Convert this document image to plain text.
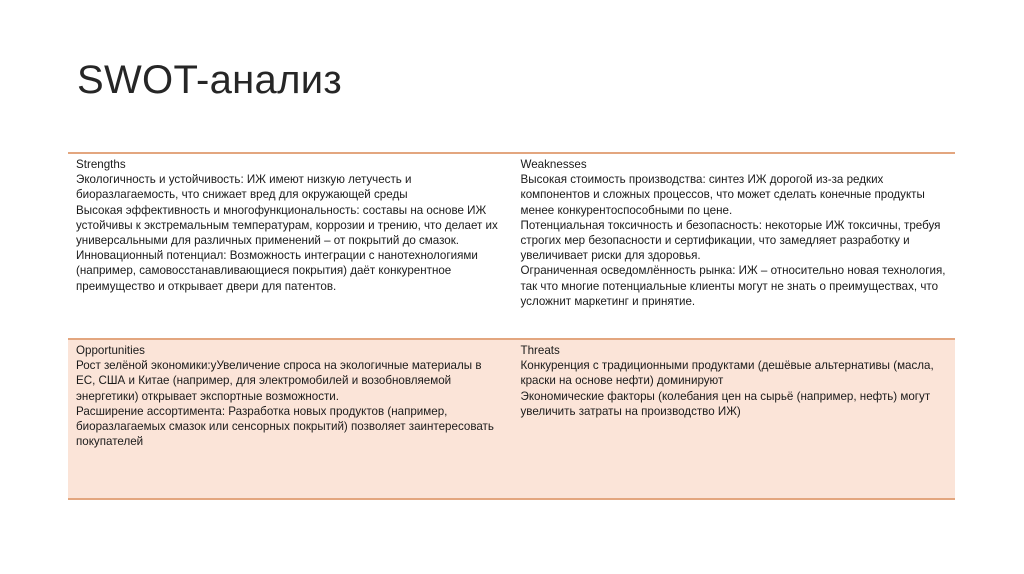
SWOT-анализ
Strengths
Экологичность и устойчивость: ИЖ имеют низкую летучесть и биоразлагаемость, что снижает вред для окружающей среды
Высокая эффективность и многофункциональность: составы на основе ИЖ устойчивы к экстремальным температурам, коррозии и трению, что делает их универсальными для различных применений – от покрытий до смазок.
Инновационный потенциал: Возможность интеграции с нанотехнологиями (например, самовосстанавливающиеся покрытия) даёт конкурентное преимущество и открывает двери для патентов.
Weaknesses
Высокая стоимость производства: синтез ИЖ дорогой из-за редких компонентов и сложных процессов, что может сделать конечные продукты менее конкурентоспособными по цене.
Потенциальная токсичность и безопасность: некоторые ИЖ токсичны, требуя строгих мер безопасности и сертификации, что замедляет разработку и увеличивает риски для здоровья.
Ограниченная осведомлённость рынка: ИЖ – относительно новая технология, так что многие потенциальные клиенты могут не знать о преимуществах, что усложнит маркетинг и принятие.
Opportunities
Рост зелёной экономики:уУвеличение спроса на экологичные материалы в ЕС, США и Китае (например, для электромобилей и возобновляемой энергетики) открывает экспортные возможности.
Расширение ассортимента: Разработка новых продуктов (например, биоразлагаемых смазок или сенсорных покрытий) позволяет заинтересовать покупателей
Threats
Конкуренция с традиционными продуктами (дешёвые альтернативы (масла, краски на основе нефти) доминируют
Экономические факторы (колебания цен на сырьё (например, нефть) могут увеличить затраты на производство ИЖ)
